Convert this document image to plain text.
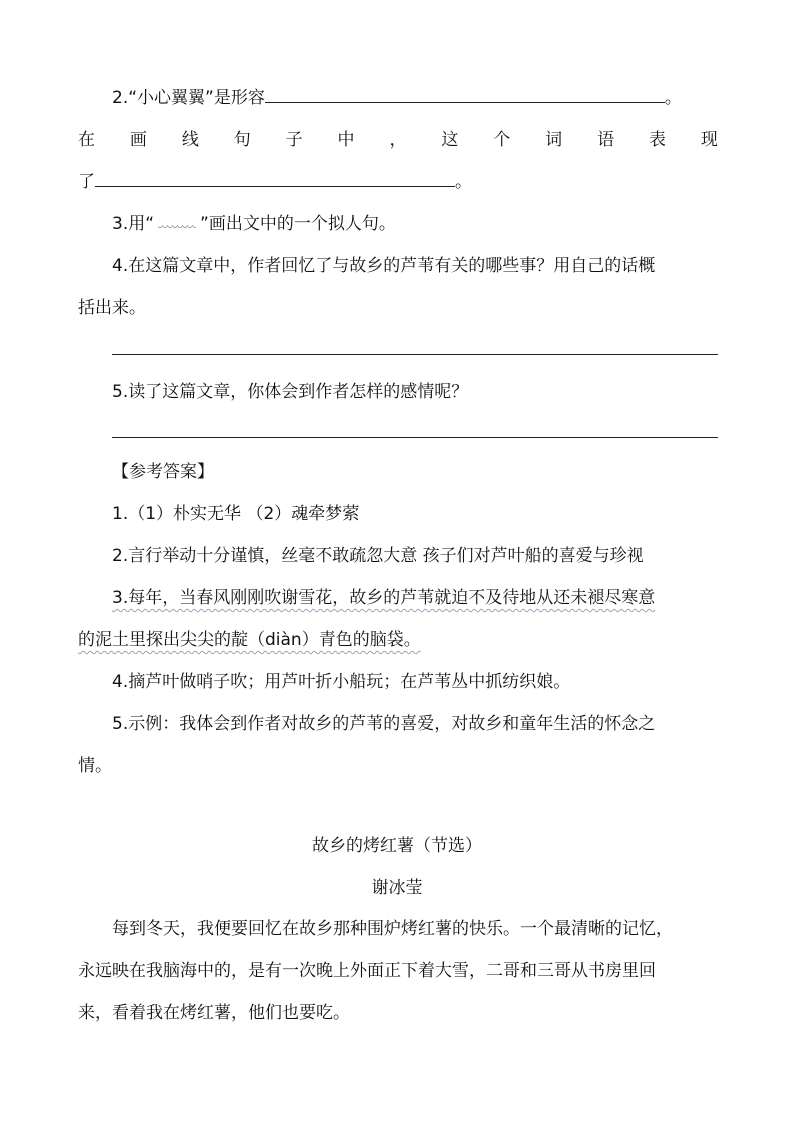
2.“小心翼翼”是形容	。
在 画 线 句 子 中 ， 这 个 词 语 表 现
了	。
3.用“	”画出文中的一个拟人句。
4.在这篇文章中，作者回忆了与故乡的芦苇有关的哪些事？用自己的话概
括出来。
5.读了这篇文章，你体会到作者怎样的感情呢？
【参考答案】
1.（1）朴实无华 （2）魂牵梦萦
2.言行举动十分谨慎，丝毫不敢疏忽大意 孩子们对芦叶船的喜爱与珍视
3.每年，当春风刚刚吹谢雪花，故乡的芦苇就迫不及待地从还未褪尽寒意
的泥土里探出尖尖的靛（diàn）青色的脑袋。
4.摘芦叶做哨子吹；用芦叶折小船玩；在芦苇丛中抓纺织娘。
5.示例：我体会到作者对故乡的芦苇的喜爱，对故乡和童年生活的怀念之
情。
故乡的烤红薯（节选）
谢冰莹
每到冬天，我便要回忆在故乡那种围炉烤红薯的快乐。一个最清晰的记忆，
永远映在我脑海中的，是有一次晚上外面正下着大雪，二哥和三哥从书房里回
来，看着我在烤红薯，他们也要吃。
